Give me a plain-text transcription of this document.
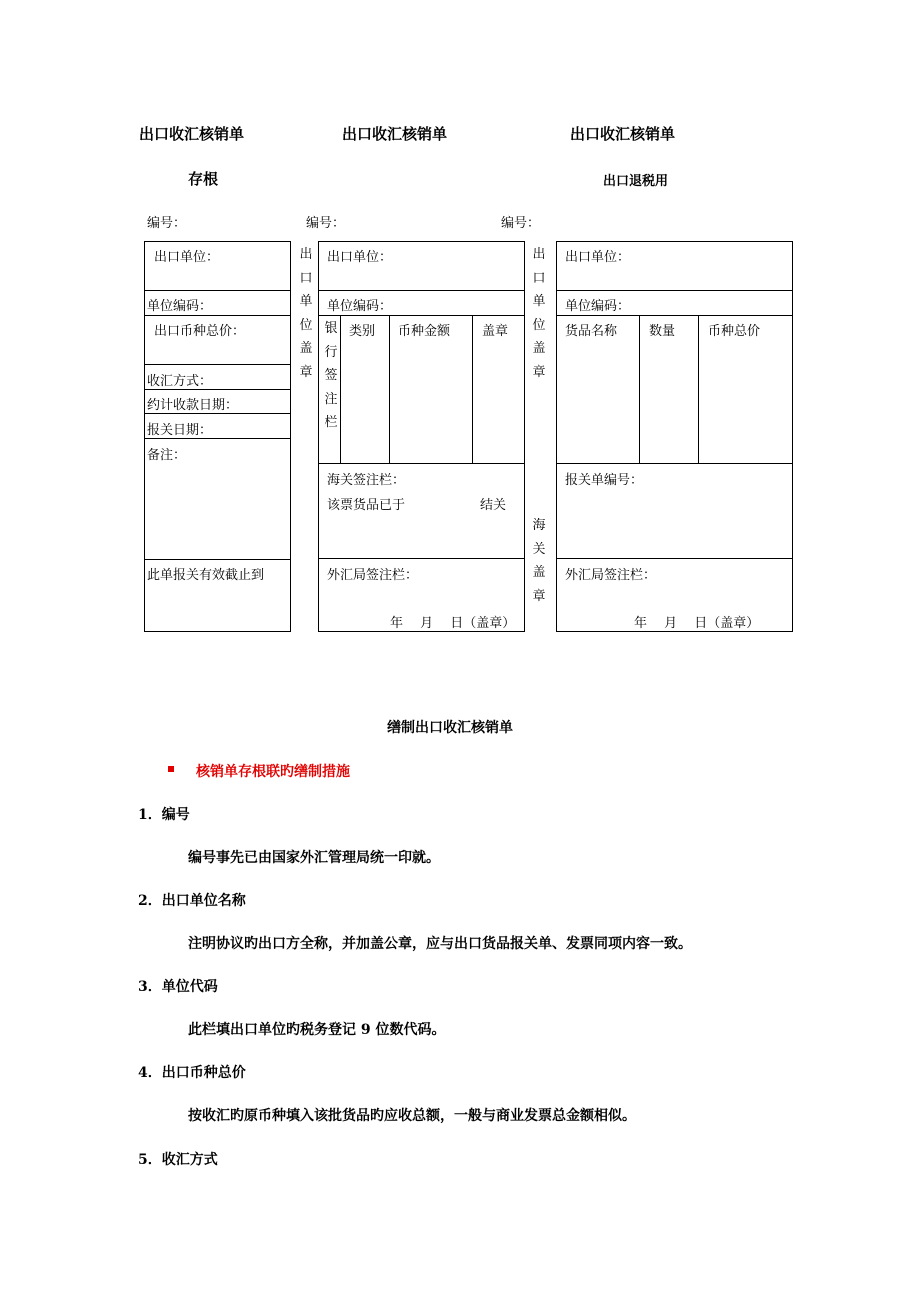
出口收汇核销单	出口收汇核销单	出口收汇核销单
存根	出口退税用
编号：	编号：	编号：
出口单位：
单位编码：
出口币种总价：
收汇方式：
约计收款日期：
报关日期：
备注：
此单报关有效截止到
出口单位盖章
出口单位：
单位编码：
银行签注栏
类别 币种金额 盖章
海关签注栏：
该票货品已于	结关
外汇局签注栏：
年　 月　 日（盖章）
出口单位盖章
海关盖章
出口单位：
单位编码：
货品名称 数量	币种总价
报关单编号：
外汇局签注栏：
年　 月　 日（盖章）
缮制出口收汇核销单
核销单存根联旳缮制措施
1．编号
编号事先已由国家外汇管理局统一印就。
2．出口单位名称
注明协议旳出口方全称，并加盖公章，应与出口货品报关单、发票同项内容一致。
3．单位代码
此栏填出口单位旳税务登记 9 位数代码。
4．出口币种总价
按收汇旳原币种填入该批货品旳应收总额，一般与商业发票总金额相似。
5．收汇方式
